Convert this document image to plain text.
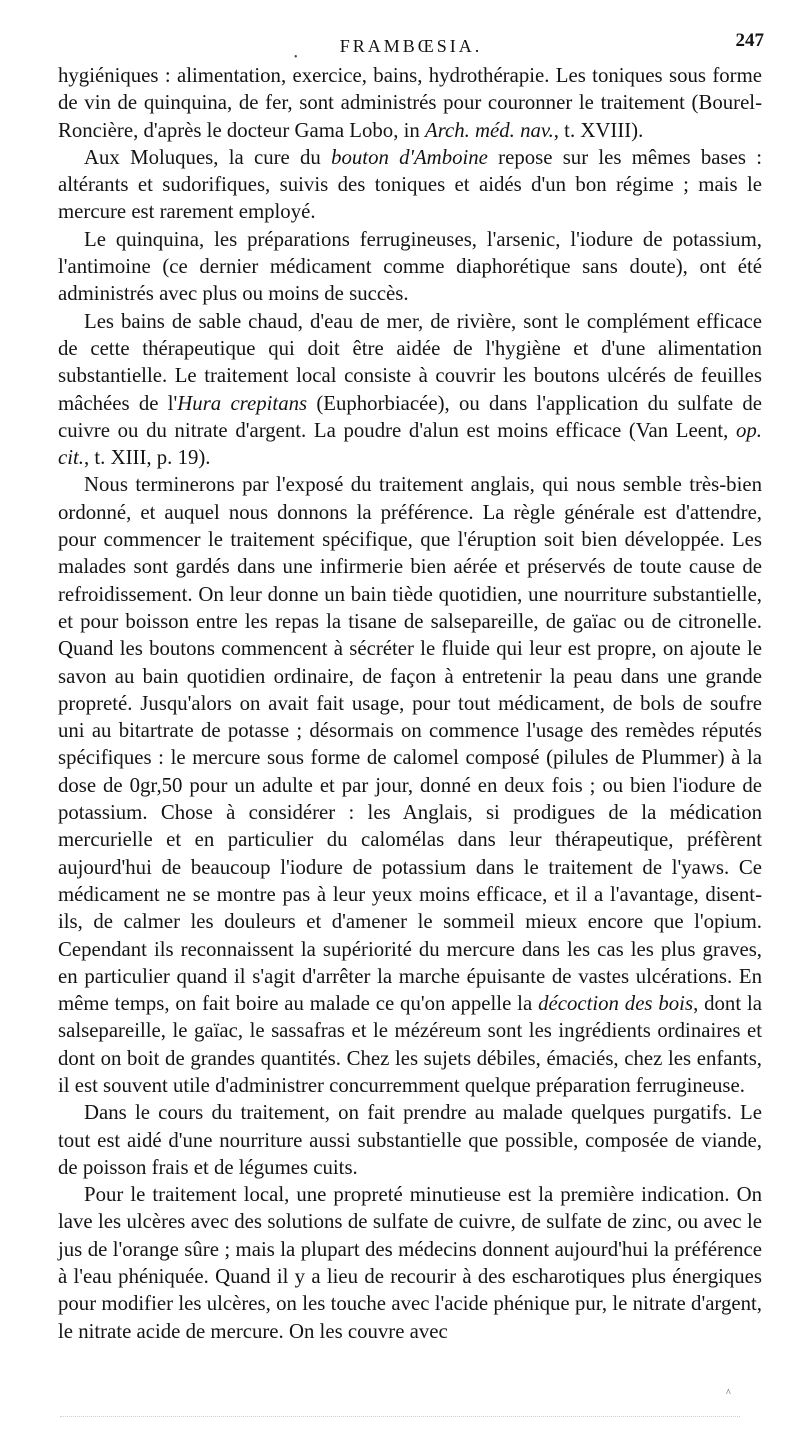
FRAMBŒSIA.	247
•

hygiéniques : alimentation, exercice, bains, hydrothérapie. Les toniques sous forme de vin de quinquina, de fer, sont administrés pour couronner le traitement (Bourel-Roncière, d'après le docteur Gama Lobo, in Arch. méd. nav., t. XVIII).

Aux Moluques, la cure du bouton d'Amboine repose sur les mêmes bases : altérants et sudorifiques, suivis des toniques et aidés d'un bon régime ; mais le mercure est rarement employé.

Le quinquina, les préparations ferrugineuses, l'arsenic, l'iodure de potassium, l'antimoine (ce dernier médicament comme diaphorétique sans doute), ont été administrés avec plus ou moins de succès.

Les bains de sable chaud, d'eau de mer, de rivière, sont le complément efficace de cette thérapeutique qui doit être aidée de l'hygiène et d'une alimentation substantielle. Le traitement local consiste à couvrir les boutons ulcérés de feuilles mâchées de l'Hura crepitans (Euphorbiacée), ou dans l'application du sulfate de cuivre ou du nitrate d'argent. La poudre d'alun est moins efficace (Van Leent, op. cit., t. XIII, p. 19).

Nous terminerons par l'exposé du traitement anglais, qui nous semble très-bien ordonné, et auquel nous donnons la préférence. La règle générale est d'attendre, pour commencer le traitement spécifique, que l'éruption soit bien développée. Les malades sont gardés dans une infirmerie bien aérée et préservés de toute cause de refroidissement. On leur donne un bain tiède quotidien, une nourriture substantielle, et pour boisson entre les repas la tisane de salsepareille, de gaïac ou de citronelle. Quand les boutons commencent à sécréter le fluide qui leur est propre, on ajoute le savon au bain quotidien ordinaire, de façon à entretenir la peau dans une grande propreté. Jusqu'alors on avait fait usage, pour tout médicament, de bols de soufre uni au bitartrate de potasse ; désormais on commence l'usage des remèdes réputés spécifiques : le mercure sous forme de calomel composé (pilules de Plummer) à la dose de 0gr,50 pour un adulte et par jour, donné en deux fois ; ou bien l'iodure de potassium. Chose à considérer : les Anglais, si prodigues de la médication mercurielle et en particulier du calomélas dans leur thérapeutique, préfèrent aujourd'hui de beaucoup l'iodure de potassium dans le traitement de l'yaws. Ce médicament ne se montre pas à leur yeux moins efficace, et il a l'avantage, disent-ils, de calmer les douleurs et d'amener le sommeil mieux encore que l'opium. Cependant ils reconnaissent la supériorité du mercure dans les cas les plus graves, en particulier quand il s'agit d'arrêter la marche épuisante de vastes ulcérations. En même temps, on fait boire au malade ce qu'on appelle la décoction des bois, dont la salsepareille, le gaïac, le sassafras et le mézéreum sont les ingrédients ordinaires et dont on boit de grandes quantités. Chez les sujets débiles, émaciés, chez les enfants, il est souvent utile d'administrer concurremment quelque préparation ferrugineuse.

Dans le cours du traitement, on fait prendre au malade quelques purgatifs. Le tout est aidé d'une nourriture aussi substantielle que possible, composée de viande, de poisson frais et de légumes cuits.

Pour le traitement local, une propreté minutieuse est la première indication. On lave les ulcères avec des solutions de sulfate de cuivre, de sulfate de zinc, ou avec le jus de l'orange sûre ; mais la plupart des médecins donnent aujourd'hui la préférence à l'eau phéniquée. Quand il y a lieu de recourir à des escharotiques plus énergiques pour modifier les ulcères, on les touche avec l'acide phénique pur, le nitrate d'argent, le nitrate acide de mercure. On les couvre avec

^
